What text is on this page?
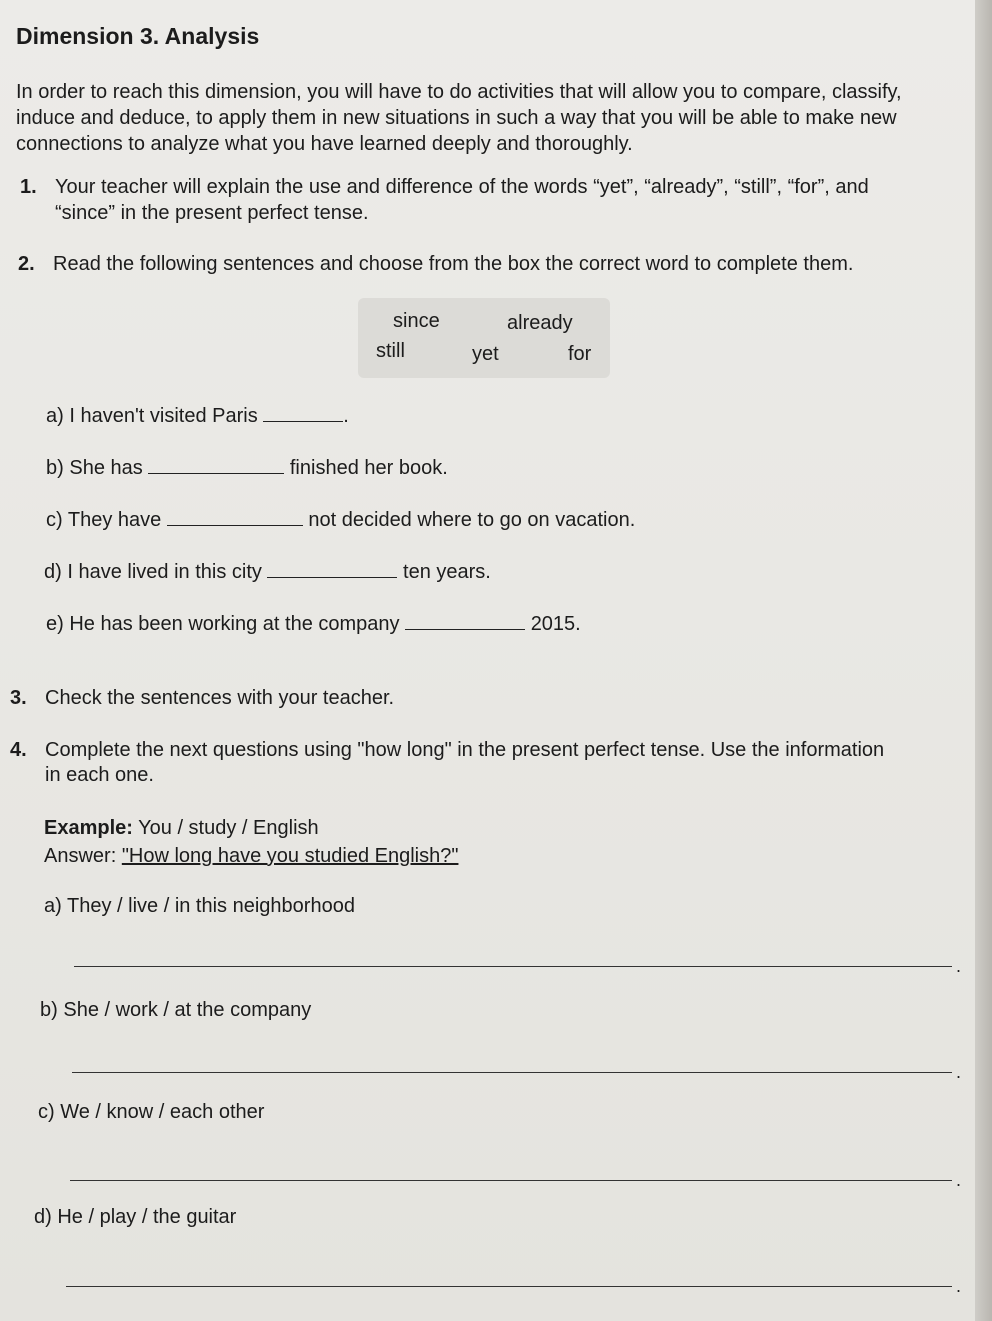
Dimension 3. Analysis
In order to reach this dimension, you will have to do activities that will allow you to compare, classify,
induce and deduce, to apply them in new situations in such a way that you will be able to make new
connections to analyze what you have learned deeply and thoroughly.
1. Your teacher will explain the use and difference of the words “yet”, “already”, “still”, “for”, and
“since” in the present perfect tense.
2. Read the following sentences and choose from the box the correct word to complete them.
since	already
still	yet	for
a) I haven't visited Paris	.
b) She has	finished her book.
c) They have	not decided where to go on vacation.
d) I have lived in this city	ten years.
e) He has been working at the company	2015.
3. Check the sentences with your teacher.
4. Complete the next questions using "how long" in the present perfect tense. Use the information
in each one.
Example: You / study / English
Answer: "How long have you studied English?"
a) They / live / in this neighborhood
.
b) She / work / at the company
.
c) We / know / each other
.
d) He / play / the guitar
.
